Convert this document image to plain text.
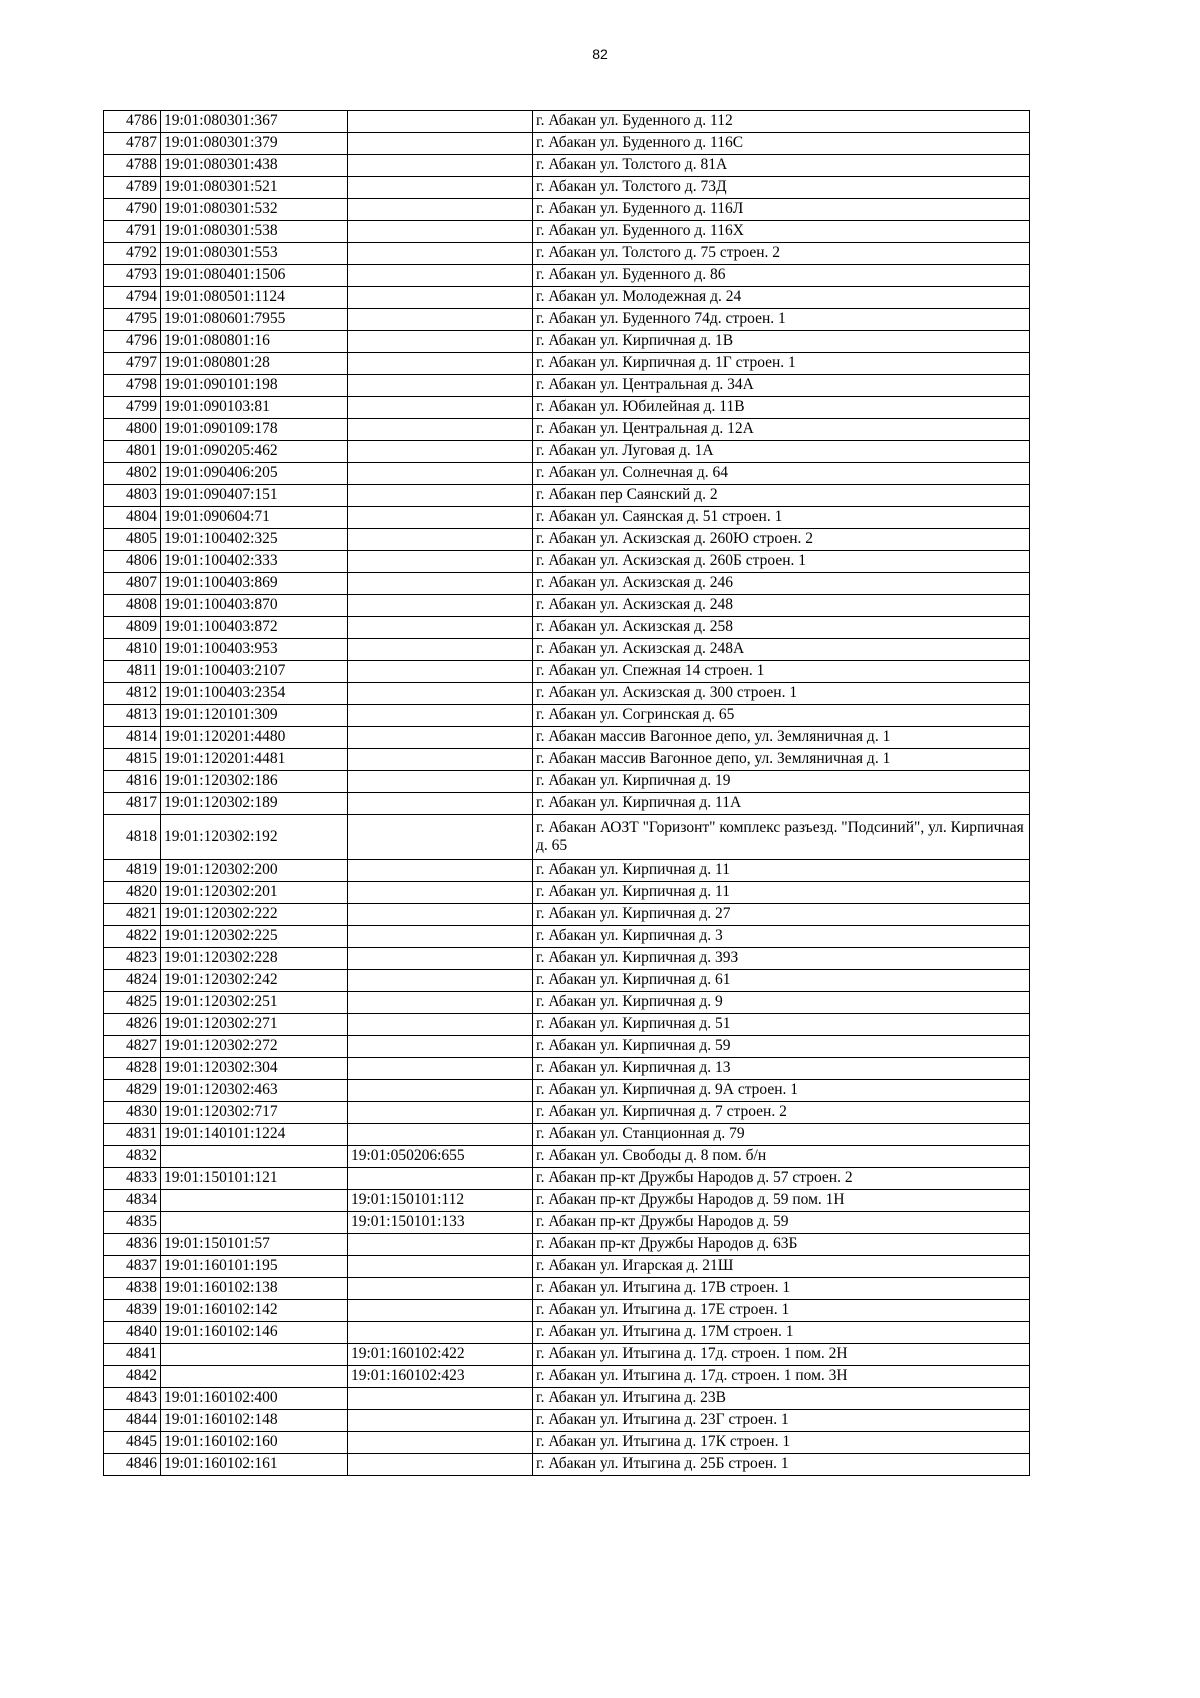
82
4786	19:01:080301:367		г. Абакан ул. Буденного д. 112
4787	19:01:080301:379		г. Абакан ул. Буденного д. 116С
4788	19:01:080301:438		г. Абакан ул. Толстого д. 81А
4789	19:01:080301:521		г. Абакан ул. Толстого д. 73Д
4790	19:01:080301:532		г. Абакан ул. Буденного д. 116Л
4791	19:01:080301:538		г. Абакан ул. Буденного д. 116Х
4792	19:01:080301:553		г. Абакан ул. Толстого д. 75 строен. 2
4793	19:01:080401:1506		г. Абакан ул. Буденного д. 86
4794	19:01:080501:1124		г. Абакан ул. Молодежная д. 24
4795	19:01:080601:7955		г. Абакан ул. Буденного 74д. строен. 1
4796	19:01:080801:16		г. Абакан ул. Кирпичная д. 1В
4797	19:01:080801:28		г. Абакан ул. Кирпичная д. 1Г строен. 1
4798	19:01:090101:198		г. Абакан ул. Центральная д. 34А
4799	19:01:090103:81		г. Абакан ул. Юбилейная д. 11В
4800	19:01:090109:178		г. Абакан ул. Центральная д. 12А
4801	19:01:090205:462		г. Абакан ул. Луговая д. 1А
4802	19:01:090406:205		г. Абакан ул. Солнечная д. 64
4803	19:01:090407:151		г. Абакан пер Саянский д. 2
4804	19:01:090604:71		г. Абакан ул. Саянская д. 51 строен. 1
4805	19:01:100402:325		г. Абакан ул. Аскизская д. 260Ю строен. 2
4806	19:01:100402:333		г. Абакан ул. Аскизская д. 260Б строен. 1
4807	19:01:100403:869		г. Абакан ул. Аскизская д. 246
4808	19:01:100403:870		г. Абакан ул. Аскизская д. 248
4809	19:01:100403:872		г. Абакан ул. Аскизская д. 258
4810	19:01:100403:953		г. Абакан ул. Аскизская д. 248А
4811	19:01:100403:2107		г. Абакан ул. Спежная 14 строен. 1
4812	19:01:100403:2354		г. Абакан ул. Аскизская д. 300 строен. 1
4813	19:01:120101:309		г. Абакан ул. Согринская д. 65
4814	19:01:120201:4480		г. Абакан массив Вагонное депо, ул. Земляничная д. 1
4815	19:01:120201:4481		г. Абакан массив Вагонное депо, ул. Земляничная д. 1
4816	19:01:120302:186		г. Абакан ул. Кирпичная д. 19
4817	19:01:120302:189		г. Абакан ул. Кирпичная д. 11А
4818	19:01:120302:192		г. Абакан АОЗТ "Горизонт" комплекс разъезд. "Подсиний", ул. Кирпичная д. 65
4819	19:01:120302:200		г. Абакан ул. Кирпичная д. 11
4820	19:01:120302:201		г. Абакан ул. Кирпичная д. 11
4821	19:01:120302:222		г. Абакан ул. Кирпичная д. 27
4822	19:01:120302:225		г. Абакан ул. Кирпичная д. 3
4823	19:01:120302:228		г. Абакан ул. Кирпичная д. 39З
4824	19:01:120302:242		г. Абакан ул. Кирпичная д. 61
4825	19:01:120302:251		г. Абакан ул. Кирпичная д. 9
4826	19:01:120302:271		г. Абакан ул. Кирпичная д. 51
4827	19:01:120302:272		г. Абакан ул. Кирпичная д. 59
4828	19:01:120302:304		г. Абакан ул. Кирпичная д. 13
4829	19:01:120302:463		г. Абакан ул. Кирпичная д. 9А строен. 1
4830	19:01:120302:717		г. Абакан ул. Кирпичная д. 7 строен. 2
4831	19:01:140101:1224		г. Абакан ул. Станционная д. 79
4832		19:01:050206:655	г. Абакан ул. Свободы д. 8 пом. б/н
4833	19:01:150101:121		г. Абакан пр-кт Дружбы Народов д. 57 строен. 2
4834		19:01:150101:112	г. Абакан пр-кт Дружбы Народов д. 59 пом. 1Н
4835		19:01:150101:133	г. Абакан пр-кт Дружбы Народов д. 59
4836	19:01:150101:57		г. Абакан пр-кт Дружбы Народов д. 63Б
4837	19:01:160101:195		г. Абакан ул. Игарская д. 21Ш
4838	19:01:160102:138		г. Абакан ул. Итыгина д. 17В строен. 1
4839	19:01:160102:142		г. Абакан ул. Итыгина д. 17Е строен. 1
4840	19:01:160102:146		г. Абакан ул. Итыгина д. 17М строен. 1
4841		19:01:160102:422	г. Абакан ул. Итыгина д. 17д. строен. 1 пом. 2Н
4842		19:01:160102:423	г. Абакан ул. Итыгина д. 17д. строен. 1 пом. 3Н
4843	19:01:160102:400		г. Абакан ул. Итыгина д. 23В
4844	19:01:160102:148		г. Абакан ул. Итыгина д. 23Г строен. 1
4845	19:01:160102:160		г. Абакан ул. Итыгина д. 17К строен. 1
4846	19:01:160102:161		г. Абакан ул. Итыгина д. 25Б строен. 1
